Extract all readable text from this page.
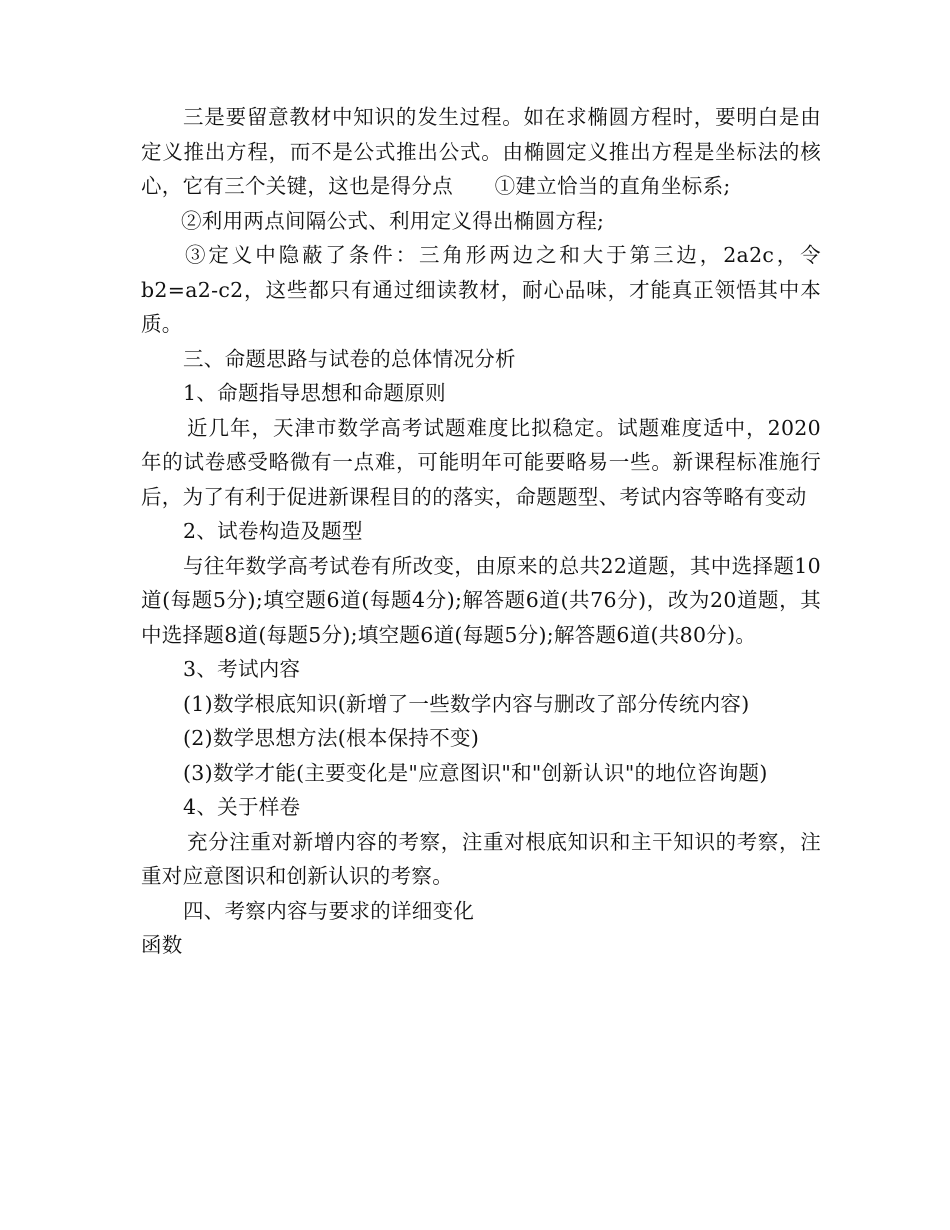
三是要留意教材中知识的发生过程。如在求椭圆方程时，要明白是由定义推出方程，而不是公式推出公式。由椭圆定义推出方程是坐标法的核心，它有三个关键，这也是得分点　　①建立恰当的直角坐标系;

②利用两点间隔公式、利用定义得出椭圆方程;

③定义中隐蔽了条件：三角形两边之和大于第三边，2a2c，令b2=a2-c2，这些都只有通过细读教材，耐心品味，才能真正领悟其中本质。

三、命题思路与试卷的总体情况分析

1、命题指导思想和命题原则

近几年，天津市数学高考试题难度比拟稳定。试题难度适中，2020年的试卷感受略微有一点难，可能明年可能要略易一些。新课程标准施行后，为了有利于促进新课程目的的落实，命题题型、考试内容等略有变动

2、试卷构造及题型

与往年数学高考试卷有所改变，由原来的总共22道题，其中选择题10道(每题5分);填空题6道(每题4分);解答题6道(共76分)，改为20道题，其中选择题8道(每题5分);填空题6道(每题5分);解答题6道(共80分)。

3、考试内容

(1)数学根底知识(新增了一些数学内容与删改了部分传统内容)

(2)数学思想方法(根本保持不变)

(3)数学才能(主要变化是"应意图识"和"创新认识"的地位咨询题)

4、关于样卷

充分注重对新增内容的考察，注重对根底知识和主干知识的考察，注重对应意图识和创新认识的考察。

四、考察内容与要求的详细变化

函数
